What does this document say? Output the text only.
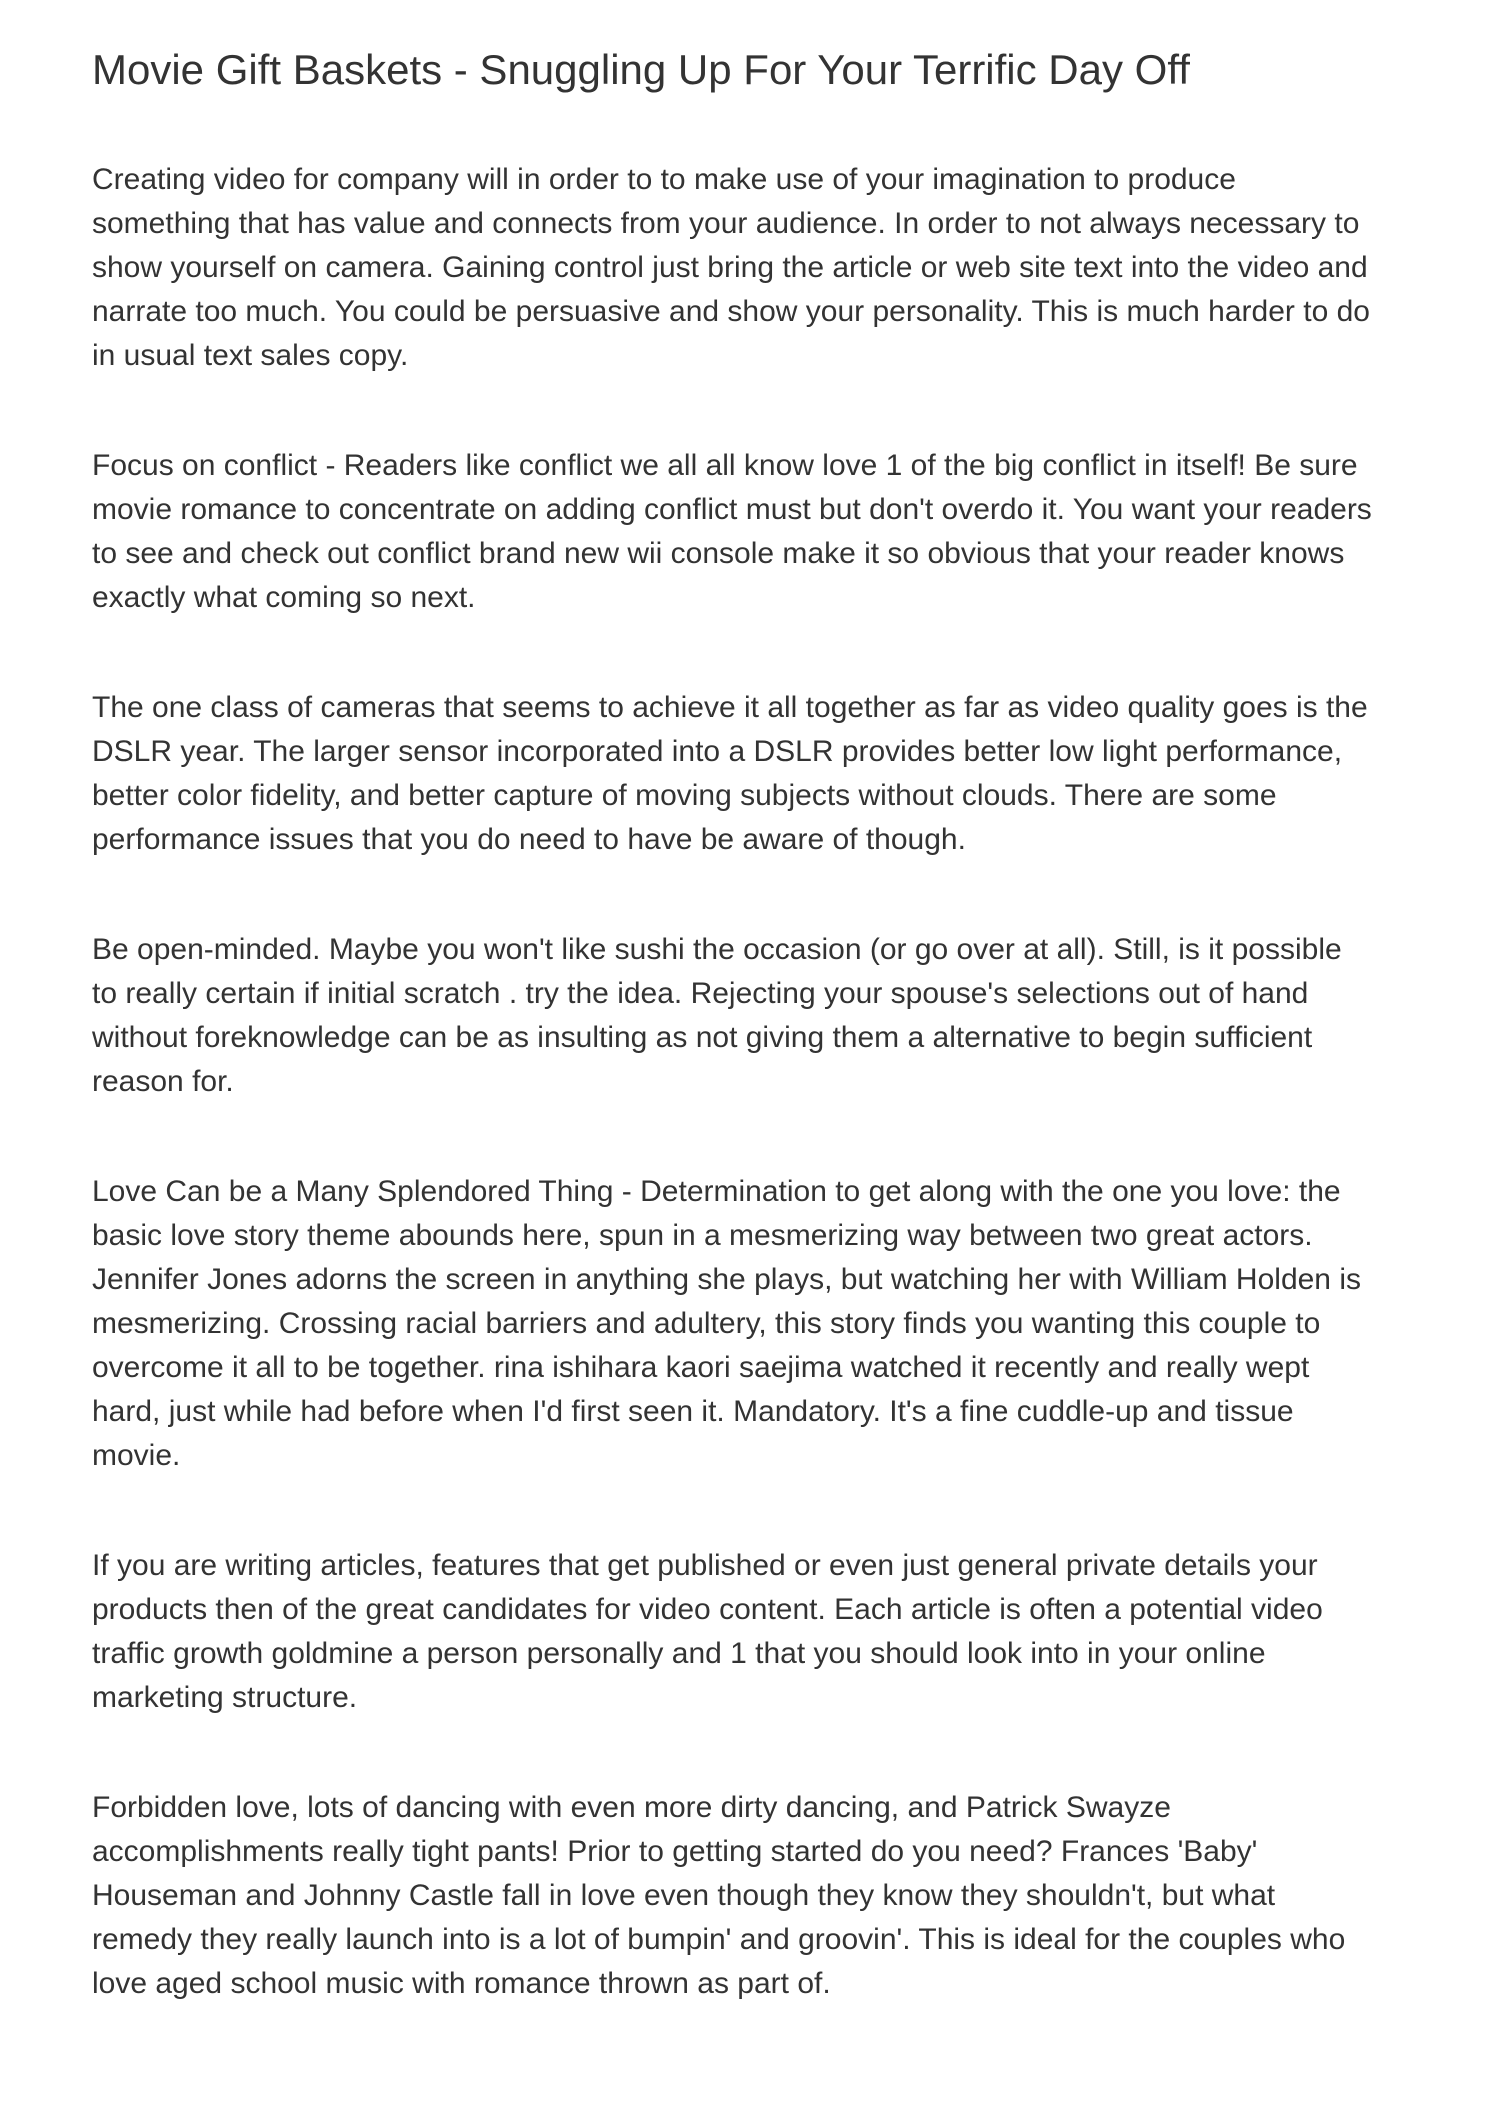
Movie Gift Baskets - Snuggling Up For Your Terrific Day Off

Creating video for company will in order to to make use of your imagination to produce something that has value and connects from your audience. In order to not always necessary to show yourself on camera. Gaining control just bring the article or web site text into the video and narrate too much. You could be persuasive and show your personality. This is much harder to do in usual text sales copy.

Focus on conflict - Readers like conflict we all all know love 1 of the big conflict in itself! Be sure movie romance to concentrate on adding conflict must but don't overdo it. You want your readers to see and check out conflict brand new wii console make it so obvious that your reader knows exactly what coming so next.

The one class of cameras that seems to achieve it all together as far as video quality goes is the DSLR year. The larger sensor incorporated into a DSLR provides better low light performance, better color fidelity, and better capture of moving subjects without clouds. There are some performance issues that you do need to have be aware of though.

Be open-minded. Maybe you won't like sushi the occasion (or go over at all). Still, is it possible to really certain if initial scratch . try the idea. Rejecting your spouse's selections out of hand without foreknowledge can be as insulting as not giving them a alternative to begin sufficient reason for.

Love Can be a Many Splendored Thing - Determination to get along with the one you love: the basic love story theme abounds here, spun in a mesmerizing way between two great actors. Jennifer Jones adorns the screen in anything she plays, but watching her with William Holden is mesmerizing. Crossing racial barriers and adultery, this story finds you wanting this couple to overcome it all to be together. rina ishihara kaori saejima watched it recently and really wept hard, just while had before when I'd first seen it. Mandatory. It's a fine cuddle-up and tissue movie.

If you are writing articles, features that get published or even just general private details your products then of the great candidates for video content. Each article is often a potential video traffic growth goldmine a person personally and 1 that you should look into in your online marketing structure.

Forbidden love, lots of dancing with even more dirty dancing, and Patrick Swayze accomplishments really tight pants! Prior to getting started do you need? Frances 'Baby' Houseman and Johnny Castle fall in love even though they know they shouldn't, but what remedy they really launch into is a lot of bumpin' and groovin'. This is ideal for the couples who love aged school music with romance thrown as part of.
